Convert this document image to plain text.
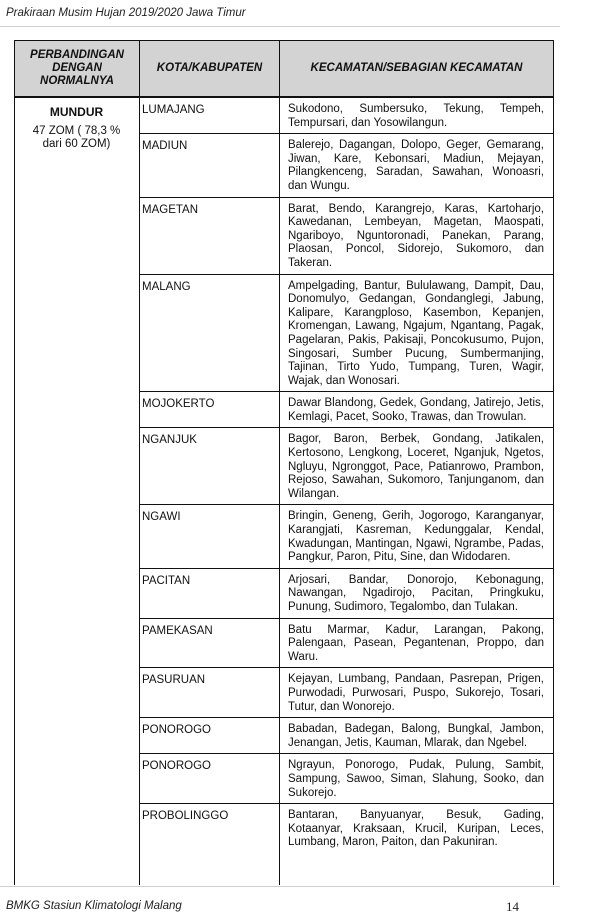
Prakiraan Musim Hujan 2019/2020 Jawa Timur
PERBANDINGAN DENGAN NORMALNYA
KOTA/KABUPATEN	KECAMATAN/SEBAGIAN KECAMATAN
MUNDUR
47 ZOM ( 78,3 % dari 60 ZOM)
LUMAJANG	Sukodono, Sumbersuko, Tekung, Tempeh, Tempursari, dan Yosowilangun.
MADIUN	Balerejo, Dagangan, Dolopo, Geger, Gemarang, Jiwan, Kare, Kebonsari, Madiun, Mejayan, Pilangkenceng, Saradan, Sawahan, Wonoasri, dan Wungu.
MAGETAN	Barat, Bendo, Karangrejo, Karas, Kartoharjo, Kawedanan, Lembeyan, Magetan, Maospati, Ngariboyo, Nguntoronadi, Panekan, Parang, Plaosan, Poncol, Sidorejo, Sukomoro, dan Takeran.
MALANG	Ampelgading, Bantur, Bululawang, Dampit, Dau, Donomulyo, Gedangan, Gondanglegi, Jabung, Kalipare, Karangploso, Kasembon, Kepanjen, Kromengan, Lawang, Ngajum, Ngantang, Pagak, Pagelaran, Pakis, Pakisaji, Poncokusumo, Pujon, Singosari, Sumber Pucung, Sumbermanjing, Tajinan, Tirto Yudo, Tumpang, Turen, Wagir, Wajak, dan Wonosari.
MOJOKERTO	Dawar Blandong, Gedek, Gondang, Jatirejo, Jetis, Kemlagi, Pacet, Sooko, Trawas, dan Trowulan.
NGANJUK	Bagor, Baron, Berbek, Gondang, Jatikalen, Kertosono, Lengkong, Loceret, Nganjuk, Ngetos, Ngluyu, Ngronggot, Pace, Patianrowo, Prambon, Rejoso, Sawahan, Sukomoro, Tanjunganom, dan Wilangan.
NGAWI	Bringin, Geneng, Gerih, Jogorogo, Karanganyar, Karangjati, Kasreman, Kedunggalar, Kendal, Kwadungan, Mantingan, Ngawi, Ngrambe, Padas, Pangkur, Paron, Pitu, Sine, dan Widodaren.
PACITAN	Arjosari, Bandar, Donorojo, Kebonagung, Nawangan, Ngadirojo, Pacitan, Pringkuku, Punung, Sudimoro, Tegalombo, dan Tulakan.
PAMEKASAN	Batu Marmar, Kadur, Larangan, Pakong, Palengaan, Pasean, Pegantenan, Proppo, dan Waru.
PASURUAN	Kejayan, Lumbang, Pandaan, Pasrepan, Prigen, Purwodadi, Purwosari, Puspo, Sukorejo, Tosari, Tutur, dan Wonorejo.
PONOROGO	Babadan, Badegan, Balong, Bungkal, Jambon, Jenangan, Jetis, Kauman, Mlarak, dan Ngebel.
PONOROGO	Ngrayun, Ponorogo, Pudak, Pulung, Sambit, Sampung, Sawoo, Siman, Slahung, Sooko, dan Sukorejo.
PROBOLINGGO	Bantaran, Banyuanyar, Besuk, Gading, Kotaanyar, Kraksaan, Krucil, Kuripan, Leces, Lumbang, Maron, Paiton, dan Pakuniran.
BMKG Stasiun Klimatologi Malang	14
